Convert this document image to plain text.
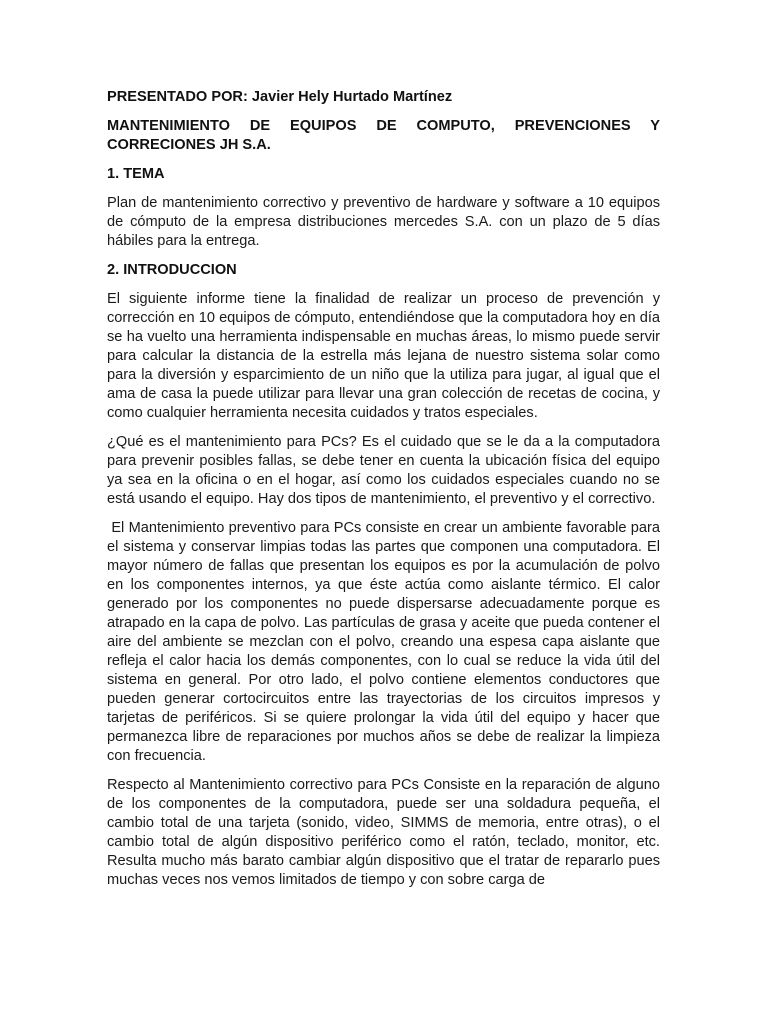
PRESENTADO POR: Javier Hely Hurtado Martínez

MANTENIMIENTO DE EQUIPOS DE COMPUTO, PREVENCIONES Y CORRECIONES JH S.A.

1. TEMA

Plan de mantenimiento correctivo y preventivo de hardware y software a 10 equipos de cómputo de la empresa distribuciones mercedes S.A. con un plazo de 5 días hábiles para la entrega.

2. INTRODUCCION

El siguiente informe tiene la finalidad de realizar un proceso de prevención y corrección en 10 equipos de cómputo, entendiéndose que la computadora hoy en día se ha vuelto una herramienta indispensable en muchas áreas, lo mismo puede servir para calcular la distancia de la estrella más lejana de nuestro sistema solar como para la diversión y esparcimiento de un niño que la utiliza para jugar, al igual que el ama de casa la puede utilizar para llevar una gran colección de recetas de cocina, y como cualquier herramienta necesita cuidados y tratos especiales.

¿Qué es el mantenimiento para PCs? Es el cuidado que se le da a la computadora para prevenir posibles fallas, se debe tener en cuenta la ubicación física del equipo ya sea en la oficina o en el hogar, así como los cuidados especiales cuando no se está usando el equipo. Hay dos tipos de mantenimiento, el preventivo y el correctivo.

El Mantenimiento preventivo para PCs consiste en crear un ambiente favorable para el sistema y conservar limpias todas las partes que componen una computadora. El mayor número de fallas que presentan los equipos es por la acumulación de polvo en los componentes internos, ya que éste actúa como aislante térmico. El calor generado por los componentes no puede dispersarse adecuadamente porque es atrapado en la capa de polvo. Las partículas de grasa y aceite que pueda contener el aire del ambiente se mezclan con el polvo, creando una espesa capa aislante que refleja el calor hacia los demás componentes, con lo cual se reduce la vida útil del sistema en general. Por otro lado, el polvo contiene elementos conductores que pueden generar cortocircuitos entre las trayectorias de los circuitos impresos y tarjetas de periféricos. Si se quiere prolongar la vida útil del equipo y hacer que permanezca libre de reparaciones por muchos años se debe de realizar la limpieza con frecuencia.

Respecto al Mantenimiento correctivo para PCs Consiste en la reparación de alguno de los componentes de la computadora, puede ser una soldadura pequeña, el cambio total de una tarjeta (sonido, video, SIMMS de memoria, entre otras), o el cambio total de algún dispositivo periférico como el ratón, teclado, monitor, etc. Resulta mucho más barato cambiar algún dispositivo que el tratar de repararlo pues muchas veces nos vemos limitados de tiempo y con sobre carga de
